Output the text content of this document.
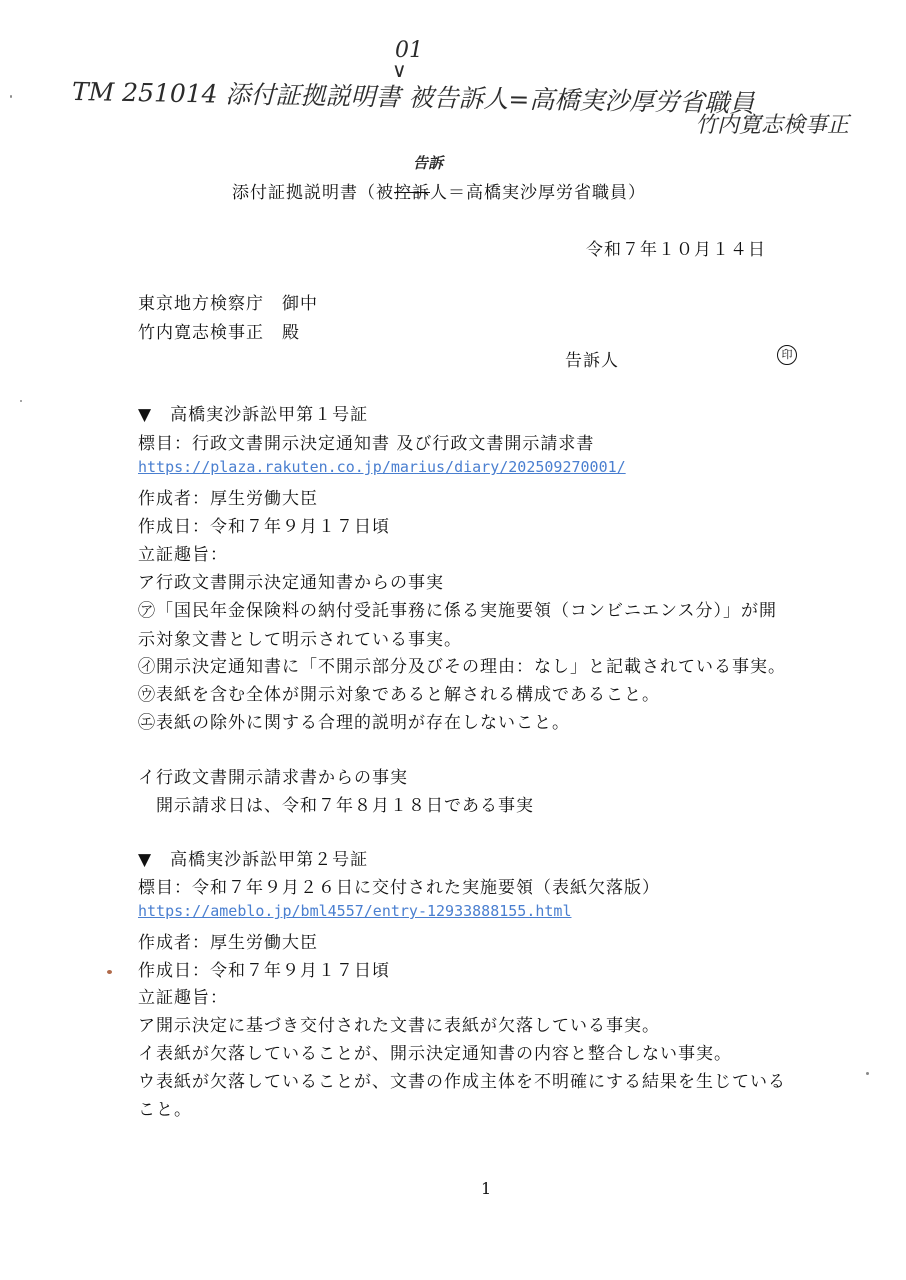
TM 251014 添付証拠説明書 被告訴人=高橋実沙厚労省職員
01
∨
竹内寛志検事正
告訴
添付証拠説明書（被控訴人＝高橋実沙厚労省職員）
令和７年１０月１４日
東京地方検察庁　御中
竹内寛志検事正　殿
告訴人	印
▼　高橋実沙訴訟甲第１号証
標目：行政文書開示決定通知書 及び行政文書開示請求書
https://plaza.rakuten.co.jp/marius/diary/202509270001/
作成者：厚生労働大臣
作成日：令和７年９月１７日頃
立証趣旨：
ア行政文書開示決定通知書からの事実
㋐「国民年金保険料の納付受託事務に係る実施要領（コンビニエンス分）」が開
示対象文書として明示されている事実。
㋑開示決定通知書に「不開示部分及びその理由：なし」と記載されている事実。
㋒表紙を含む全体が開示対象であると解される構成であること。
㋓表紙の除外に関する合理的説明が存在しないこと。
イ行政文書開示請求書からの事実
　開示請求日は、令和７年８月１８日である事実
▼　高橋実沙訴訟甲第２号証
標目：令和７年９月２６日に交付された実施要領（表紙欠落版）
https://ameblo.jp/bml4557/entry-12933888155.html
作成者：厚生労働大臣
作成日：令和７年９月１７日頃
立証趣旨：
ア開示決定に基づき交付された文書に表紙が欠落している事実。
イ表紙が欠落していることが、開示決定通知書の内容と整合しない事実。
ウ表紙が欠落していることが、文書の作成主体を不明確にする結果を生じている
こと。
1
